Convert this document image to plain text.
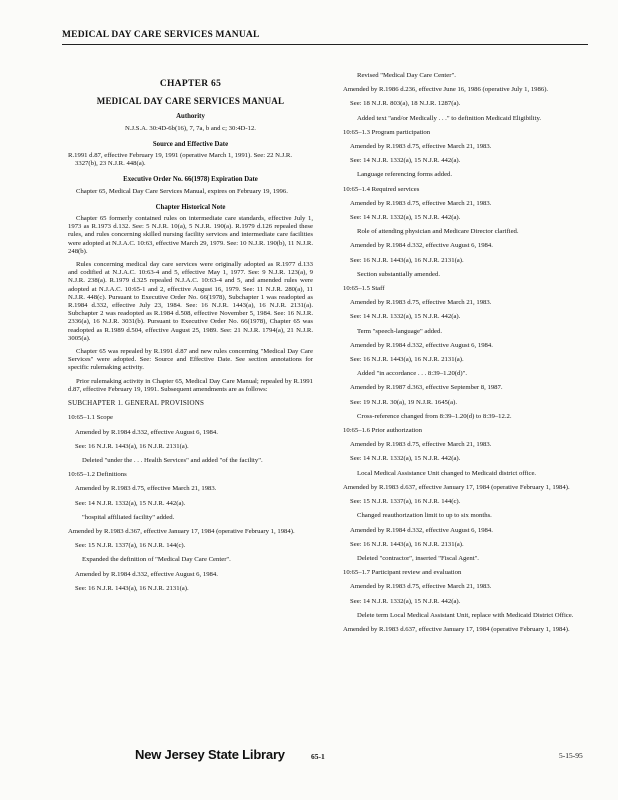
MEDICAL DAY CARE SERVICES MANUAL
CHAPTER 65
MEDICAL DAY CARE SERVICES MANUAL
Authority

N.J.S.A. 30:4D-6b(16), 7, 7a, b and c; 30:4D-12.

Source and Effective Date

R.1991 d.87, effective February 19, 1991 (operative March 1, 1991). See: 22 N.J.R. 3327(b), 23 N.J.R. 448(a).

Executive Order No. 66(1978) Expiration Date

Chapter 65, Medical Day Care Services Manual, expires on February 19, 1996.

Chapter Historical Note

Chapter 65 formerly contained rules on intermediate care standards, effective July 1, 1973 as R.1973 d.132. See: 5 N.J.R. 10(a), 5 N.J.R. 190(a). R.1979 d.126 repealed these rules, and rules concerning skilled nursing facility services and intermediate care facilities were adopted at N.J.A.C. 10:63, effective March 29, 1979. See: 10 N.J.R. 190(b), 11 N.J.R. 248(b).

Rules concerning medical day care services were originally adopted as R.1977 d.133 and codified at N.J.A.C. 10:63-4 and 5, effective May 1, 1977. See: 9 N.J.R. 123(a), 9 N.J.R. 238(a). R.1979 d.325 repealed N.J.A.C. 10:63-4 and 5, and amended rules were adopted at N.J.A.C. 10:65-1 and 2, effective August 16, 1979. See: 11 N.J.R. 280(a), 11 N.J.R. 448(c). Pursuant to Executive Order No. 66(1978), Subchapter 1 was readopted as R.1984 d.332, effective July 23, 1984. See: 16 N.J.R. 1443(a), 16 N.J.R. 2131(a). Subchapter 2 was readopted as R.1984 d.508, effective November 5, 1984. See: 16 N.J.R. 2336(a), 16 N.J.R. 3031(b). Pursuant to Executive Order No. 66(1978), Chapter 65 was readopted as R.1989 d.504, effective August 25, 1989. See: 21 N.J.R. 1794(a), 21 N.J.R. 3005(a).

Chapter 65 was repealed by R.1991 d.87 and new rules concerning "Medical Day Care Services" were adopted. See: Source and Effective Date. See section annotations for specific rulemaking activity.

Prior rulemaking activity in Chapter 65, Medical Day Care Manual; repealed by R.1991 d.87, effective February 19, 1991. Subsequent amendments are as follows:

SUBCHAPTER 1. GENERAL PROVISIONS

10:65–1.1 Scope

Amended by R.1984 d.332, effective August 6, 1984.

See: 16 N.J.R. 1443(a), 16 N.J.R. 2131(a).

Deleted "under the . . . Health Services" and added "of the facility".

10:65–1.2 Definitions

Amended by R.1983 d.75, effective March 21, 1983.

See: 14 N.J.R. 1332(a), 15 N.J.R. 442(a).

"hospital affiliated facility" added.

Amended by R.1983 d.367, effective January 17, 1984 (operative February 1, 1984).

See: 15 N.J.R. 1337(a), 16 N.J.R. 144(c).

Expanded the definition of "Medical Day Care Center".

Amended by R.1984 d.332, effective August 6, 1984.

See: 16 N.J.R. 1443(a), 16 N.J.R. 2131(a).

Revised "Medical Day Care Center".

Amended by R.1986 d.236, effective June 16, 1986 (operative July 1, 1986).

See: 18 N.J.R. 803(a), 18 N.J.R. 1287(a).

Added text "and/or Medically . . ." to definition Medicaid Eligibility.

10:65–1.3 Program participation

Amended by R.1983 d.75, effective March 21, 1983.

See: 14 N.J.R. 1332(a), 15 N.J.R. 442(a).

Language referencing forms added.

10:65–1.4 Required services

Amended by R.1983 d.75, effective March 21, 1983.

See: 14 N.J.R. 1332(a), 15 N.J.R. 442(a).

Role of attending physician and Medicare Director clarified.

Amended by R.1984 d.332, effective August 6, 1984.

See: 16 N.J.R. 1443(a), 16 N.J.R. 2131(a).

Section substantially amended.

10:65–1.5 Staff

Amended by R.1983 d.75, effective March 21, 1983.

See: 14 N.J.R. 1332(a), 15 N.J.R. 442(a).

Term "speech-language" added.

Amended by R.1984 d.332, effective August 6, 1984.

See: 16 N.J.R. 1443(a), 16 N.J.R. 2131(a).

Added "in accordance . . . 8:39–1.20(d)".

Amended by R.1987 d.363, effective September 8, 1987.

See: 19 N.J.R. 30(a), 19 N.J.R. 1645(a).

Cross-reference changed from 8:39–1.20(d) to 8:39–12.2.

10:65–1.6 Prior authorization

Amended by R.1983 d.75, effective March 21, 1983.

See: 14 N.J.R. 1332(a), 15 N.J.R. 442(a).

Local Medical Assistance Unit changed to Medicaid district office.

Amended by R.1983 d.637, effective January 17, 1984 (operative February 1, 1984).

See: 15 N.J.R. 1337(a), 16 N.J.R. 144(c).

Changed reauthorization limit to up to six months.

Amended by R.1984 d.332, effective August 6, 1984.

See: 16 N.J.R. 1443(a), 16 N.J.R. 2131(a).

Deleted "contractor", inserted "Fiscal Agent".

10:65–1.7 Participant review and evaluation

Amended by R.1983 d.75, effective March 21, 1983.

See: 14 N.J.R. 1332(a), 15 N.J.R. 442(a).

Delete term Local Medical Assistant Unit, replace with Medicaid District Office.

Amended by R.1983 d.637, effective January 17, 1984 (operative February 1, 1984).

New Jersey State Library	65-1	5-15-95
